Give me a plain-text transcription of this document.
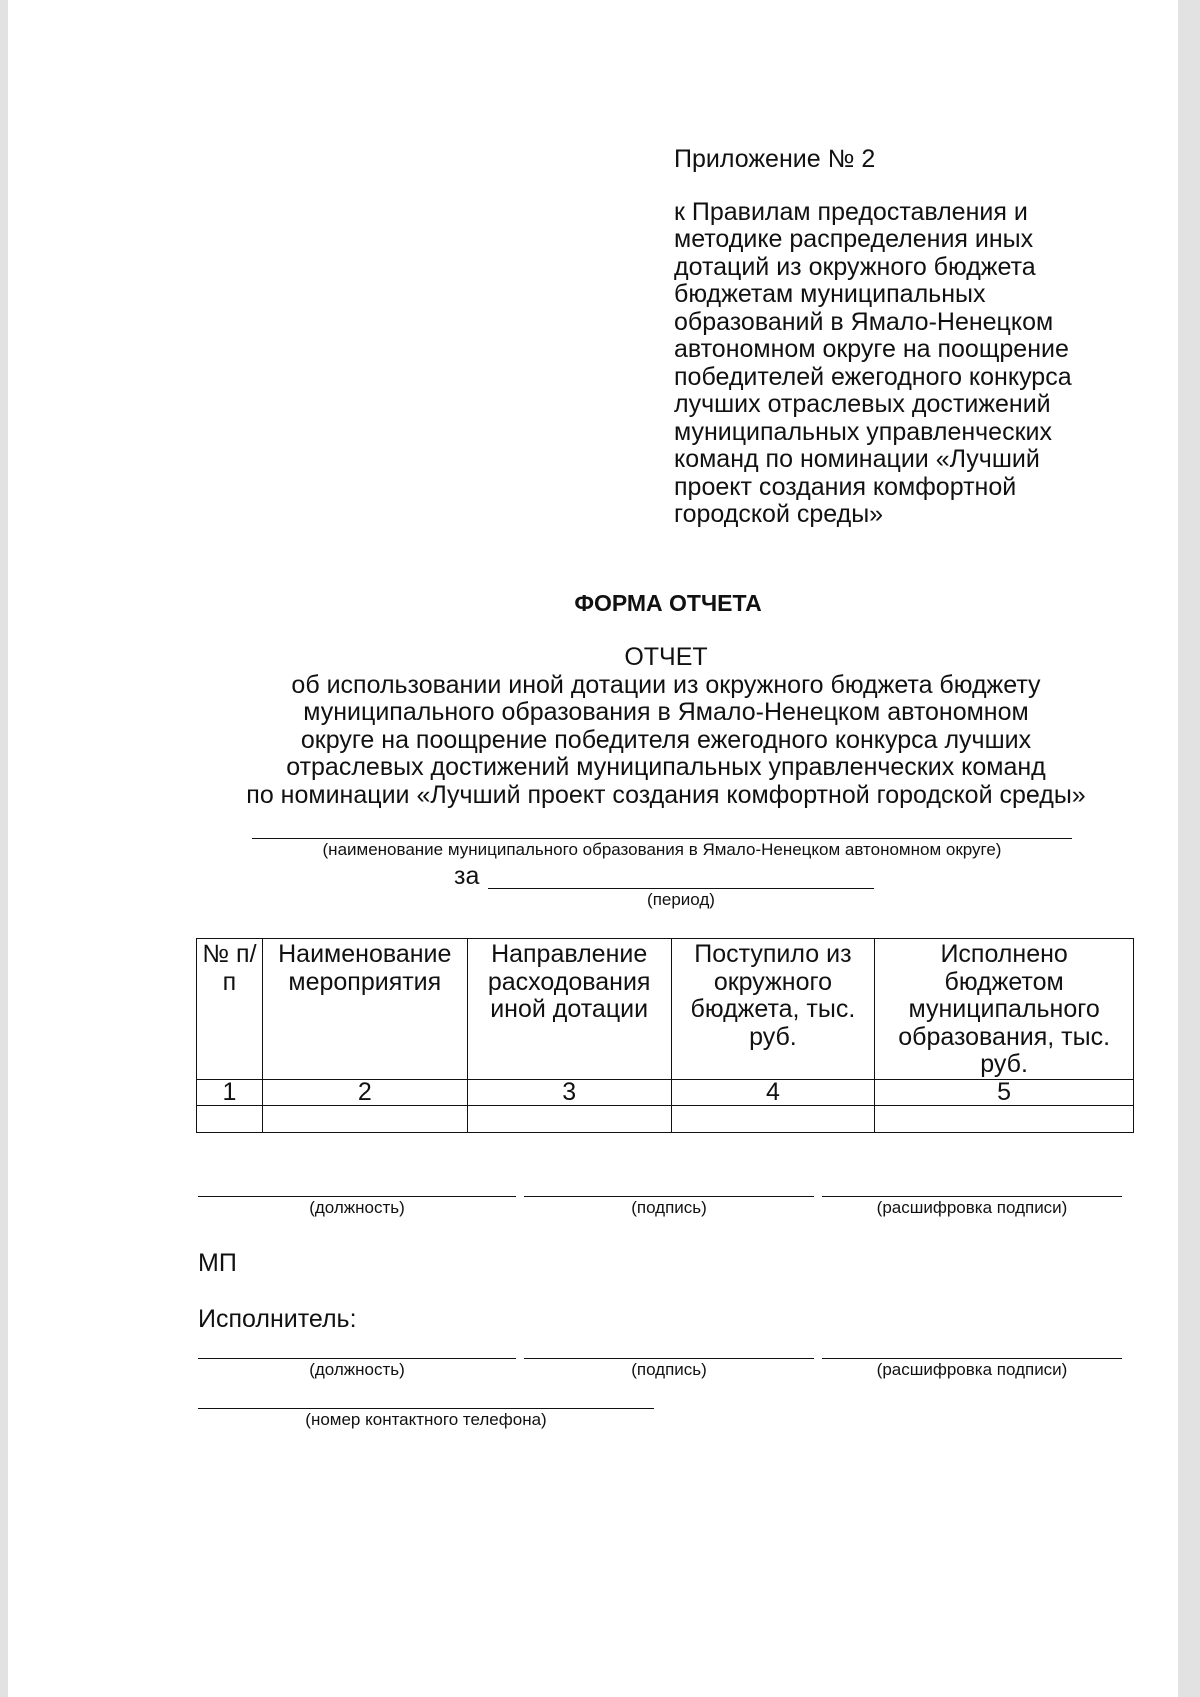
Приложение № 2
к Правилам предоставления и
методике распределения иных
дотаций из окружного бюджета
бюджетам муниципальных
образований в Ямало-Ненецком
автономном округе на поощрение
победителей ежегодного конкурса
лучших отраслевых достижений
муниципальных управленческих
команд по номинации «Лучший
проект создания комфортной
городской среды»
ФОРМА ОТЧЕТА
ОТЧЕТ
об использовании иной дотации из окружного бюджета бюджету
муниципального образования в Ямало-Ненецком автономном
округе на поощрение победителя ежегодного конкурса лучших
отраслевых достижений муниципальных управленческих команд
по номинации «Лучший проект создания комфортной городской среды»
(наименование муниципального образования в Ямало-Ненецком автономном округе)
за
(период)
№ п/п	Наименование мероприятия	Направление расходования иной дотации	Поступило из окружного бюджета, тыс. руб.	Исполнено бюджетом муниципального образования, тыс. руб.
1	2	3	4	5

(должность)	(подпись)	(расшифровка подписи)
МП
Исполнитель:
(должность)	(подпись)	(расшифровка подписи)
(номер контактного телефона)
